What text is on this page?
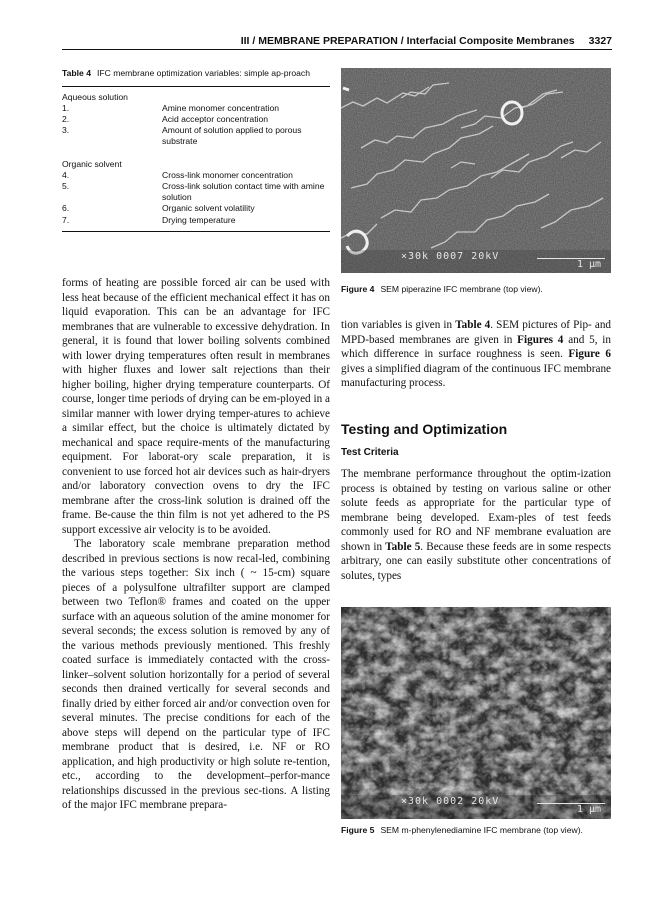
III / MEMBRANE PREPARATION / Interfacial Composite Membranes 3327
Table 4 IFC membrane optimization variables: simple ap-proach
Aqueous solution
1.	Amine monomer concentration
2.	Acid acceptor concentration
3.	Amount of solution applied to porous substrate
Organic solvent
4.	Cross-link monomer concentration
5.	Cross-link solution contact time with amine solution
6.	Organic solvent volatility
7.	Drying temperature

forms of heating are possible forced air can be used with less heat because of the efficient mechanical effect it has on liquid evaporation. This can be an advantage for IFC membranes that are vulnerable to excessive dehydration. In general, it is found that lower boiling solvents combined with lower drying temperatures often result in membranes with higher fluxes and lower salt rejections than their higher boiling, higher drying temperature counterparts. Of course, longer time periods of drying can be em-ployed in a similar manner with lower drying temper-atures to achieve a similar effect, but the choice is ultimately dictated by mechanical and space require-ments of the manufacturing equipment. For laborat-ory scale preparation, it is convenient to use forced hot air devices such as hair-dryers and/or laboratory convection ovens to dry the IFC membrane after the cross-link solution is drained off the frame. Be-cause the thin film is not yet adhered to the PS support excessive air velocity is to be avoided.

The laboratory scale membrane preparation method described in previous sections is now recal-led, combining the various steps together: Six inch ( ~ 15-cm) square pieces of a polysulfone ultrafilter support are clamped between two Teflon® frames and coated on the upper surface with an aqueous solution of the amine monomer for several seconds; the excess solution is removed by any of the various methods previously mentioned. This freshly coated surface is immediately contacted with the cross-linker–solvent solution horizontally for a period of several seconds then drained vertically for several seconds and finally dried by either forced air and/or convection oven for several minutes. The precise conditions for each of the above steps will depend on the particular type of IFC membrane product that is desired, i.e. NF or RO application, and high productivity or high solute re-tention, etc., according to the development–perfor-mance relationships discussed in the previous sec-tions. A listing of the major IFC membrane prepara-

×30k 0007 20kV
1 µm
Figure 4 SEM piperazine IFC membrane (top view).
tion variables is given in Table 4. SEM pictures of Pip- and MPD-based membranes are given in Figures 4 and 5, in which difference in surface roughness is seen. Figure 6 gives a simplified diagram of the continuous IFC membrane manufacturing process.
Testing and Optimization
Test Criteria
The membrane performance throughout the optim-ization process is obtained by testing on various saline or other solute feeds as appropriate for the particular type of membrane being developed. Exam-ples of test feeds commonly used for RO and NF membrane evaluation are shown in Table 5. Because these feeds are in some respects arbitrary, one can easily substitute other concentrations of solutes, types
×30k 0002 20kV
1 µm
Figure 5 SEM m-phenylenediamine IFC membrane (top view).
